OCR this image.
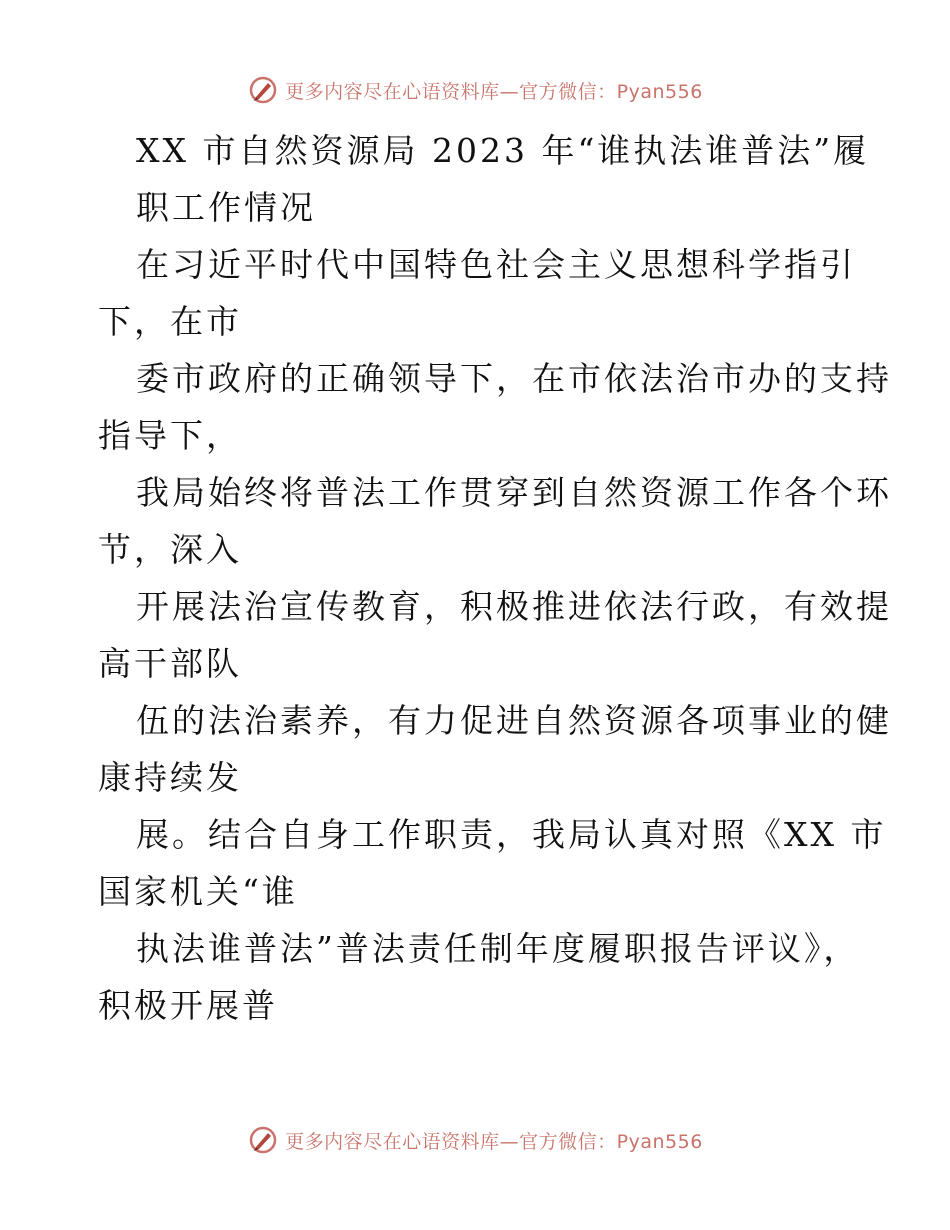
更多内容尽在心语资料库—官方微信：Pyan556
XX 市自然资源局 2023 年“谁执法谁普法”履
职工作情况
在习近平时代中国特色社会主义思想科学指引
下，在市
委市政府的正确领导下，在市依法治市办的支持
指导下，
我局始终将普法工作贯穿到自然资源工作各个环
节，深入
开展法治宣传教育，积极推进依法行政，有效提
高干部队
伍的法治素养，有力促进自然资源各项事业的健
康持续发
展。结合自身工作职责，我局认真对照《XX 市
国家机关“谁
执法谁普法”普法责任制年度履职报告评议》，
积极开展普
更多内容尽在心语资料库—官方微信：Pyan556
